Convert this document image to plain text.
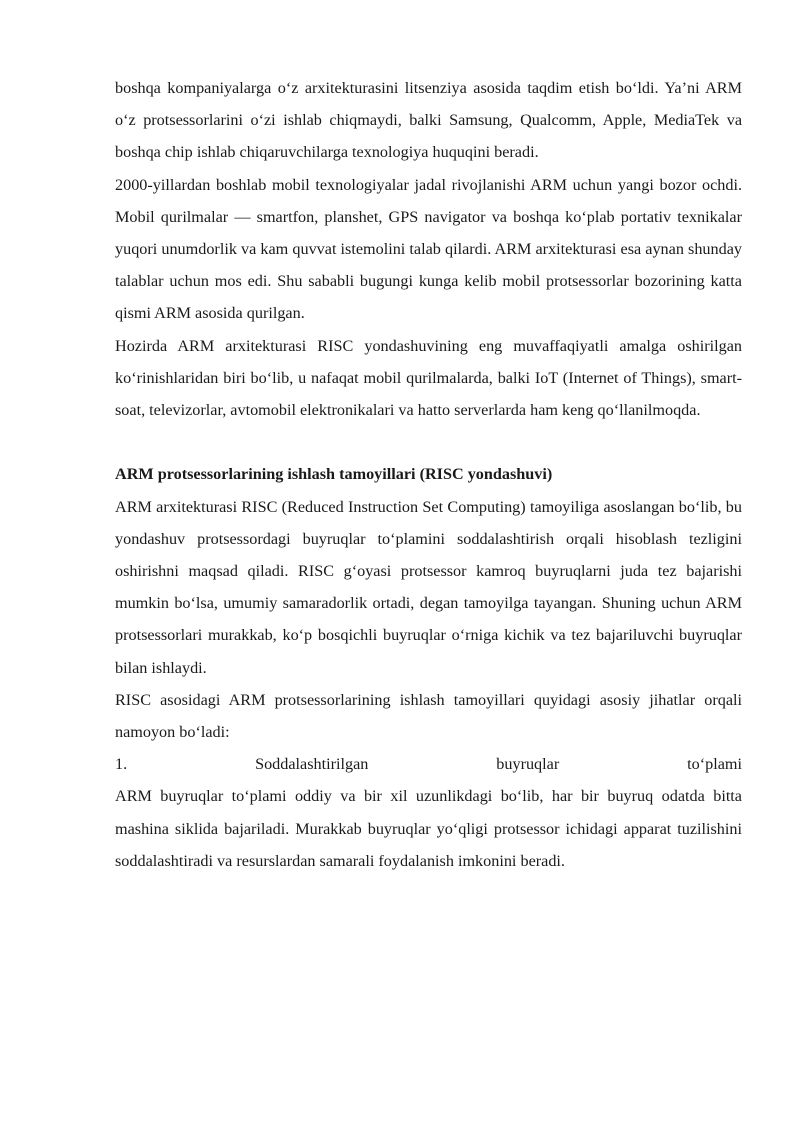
boshqa kompaniyalarga o‘z arxitekturasini litsenziya asosida taqdim etish bo‘ldi. Ya’ni ARM o‘z protsessorlarini o‘zi ishlab chiqmaydi, balki Samsung, Qualcomm, Apple, MediaTek va boshqa chip ishlab chiqaruvchilarga texnologiya huquqini beradi.

2000-yillardan boshlab mobil texnologiyalar jadal rivojlanishi ARM uchun yangi bozor ochdi. Mobil qurilmalar — smartfon, planshet, GPS navigator va boshqa ko‘plab portativ texnikalar yuqori unumdorlik va kam quvvat istemolini talab qilardi. ARM arxitekturasi esa aynan shunday talablar uchun mos edi. Shu sababli bugungi kunga kelib mobil protsessorlar bozorining katta qismi ARM asosida qurilgan.

Hozirda ARM arxitekturasi RISC yondashuvining eng muvaffaqiyatli amalga oshirilgan ko‘rinishlaridan biri bo‘lib, u nafaqat mobil qurilmalarda, balki IoT (Internet of Things), smart-soat, televizorlar, avtomobil elektronikalari va hatto serverlarda ham keng qo‘llanilmoqda.

ARM protsessorlarining ishlash tamoyillari (RISC yondashuvi)

ARM arxitekturasi RISC (Reduced Instruction Set Computing) tamoyiliga asoslangan bo‘lib, bu yondashuv protsessordagi buyruqlar to‘plamini soddalashtirish orqali hisoblash tezligini oshirishni maqsad qiladi. RISC g‘oyasi protsessor kamroq buyruqlarni juda tez bajarishi mumkin bo‘lsa, umumiy samaradorlik ortadi, degan tamoyilga tayangan. Shuning uchun ARM protsessorlari murakkab, ko‘p bosqichli buyruqlar o‘rniga kichik va tez bajariluvchi buyruqlar bilan ishlaydi.

RISC asosidagi ARM protsessorlarining ishlash tamoyillari quyidagi asosiy jihatlar orqali namoyon bo‘ladi:

1.	Soddalashtirilgan	buyruqlar	to‘plami

ARM buyruqlar to‘plami oddiy va bir xil uzunlikdagi bo‘lib, har bir buyruq odatda bitta mashina siklida bajariladi. Murakkab buyruqlar yo‘qligi protsessor ichidagi apparat tuzilishini soddalashtiradi va resurslardan samarali foydalanish imkonini beradi.
